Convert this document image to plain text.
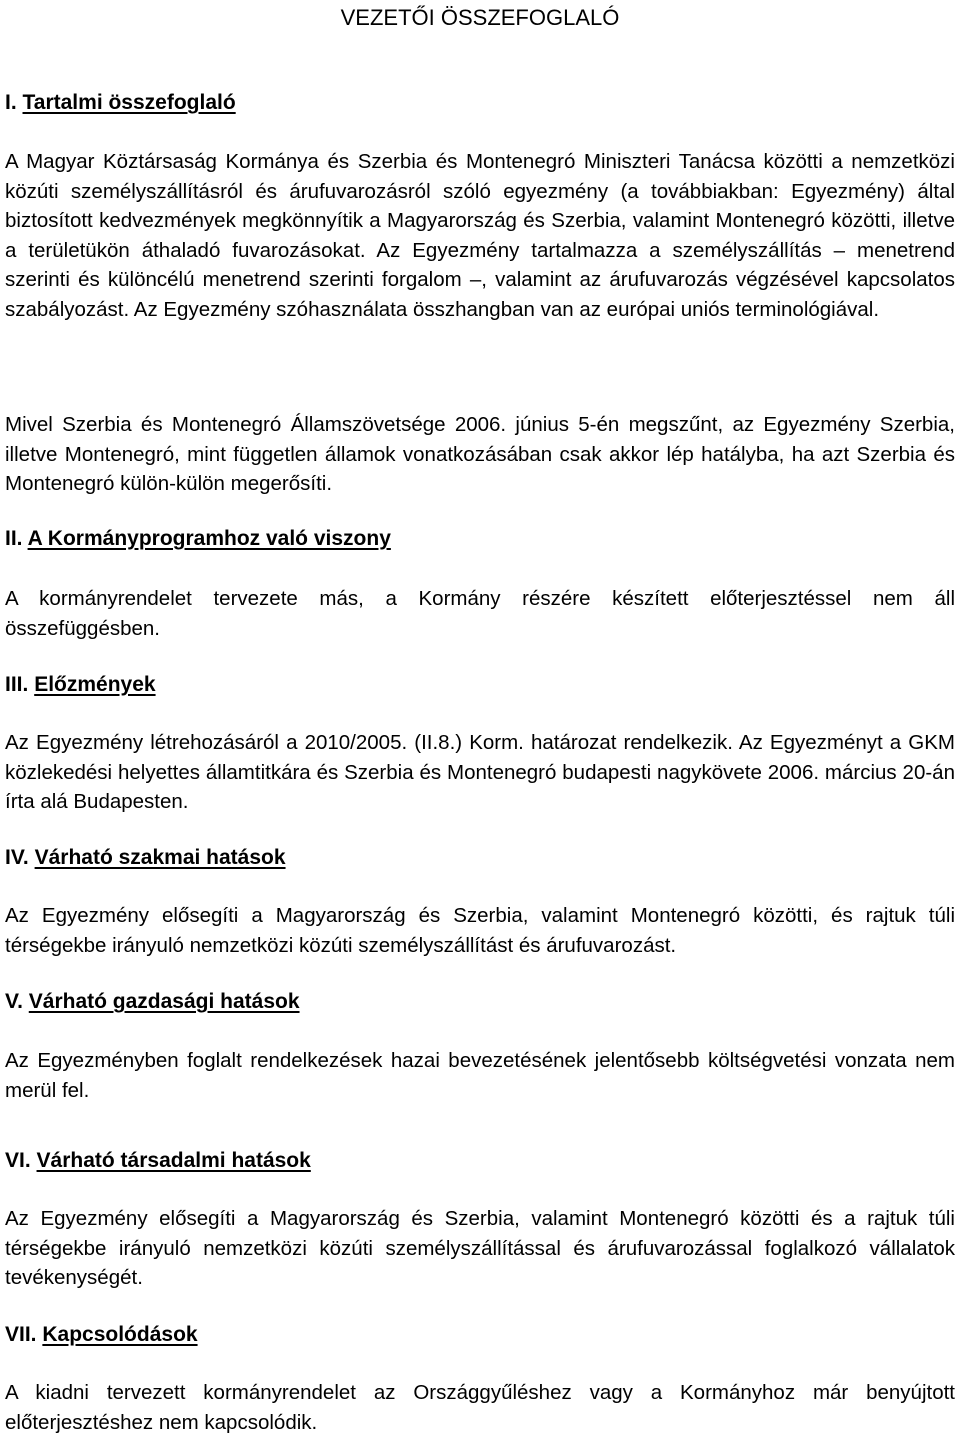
VEZETŐI ÖSSZEFOGLALÓ
I. Tartalmi összefoglaló

A Magyar Köztársaság Kormánya és Szerbia és Montenegró Miniszteri Tanácsa közötti a nemzetközi közúti személyszállításról és árufuvarozásról szóló egyezmény (a továbbiakban: Egyezmény) által biztosított kedvezmények megkönnyítik a Magyarország és Szerbia, valamint Montenegró közötti, illetve a területükön áthaladó fuvarozásokat. Az Egyezmény tartalmazza a személyszállítás – menetrend szerinti és különcélú menetrend szerinti forgalom –, valamint az árufuvarozás végzésével kapcsolatos szabályozást. Az Egyezmény szóhasználata összhangban van az európai uniós terminológiával.

Mivel Szerbia és Montenegró Államszövetsége 2006. június 5-én megszűnt, az Egyezmény Szerbia, illetve Montenegró, mint független államok vonatkozásában csak akkor lép hatályba, ha azt Szerbia és Montenegró külön-külön megerősíti.

II. A Kormányprogramhoz való viszony

A kormányrendelet tervezete más, a Kormány részére készített előterjesztéssel nem áll összefüggésben.

III. Előzmények

Az Egyezmény létrehozásáról a 2010/2005. (II.8.) Korm. határozat rendelkezik. Az Egyezményt a GKM közlekedési helyettes államtitkára és Szerbia és Montenegró budapesti nagykövete 2006. március 20-án írta alá Budapesten.

IV. Várható szakmai hatások

Az Egyezmény elősegíti a Magyarország és Szerbia, valamint Montenegró közötti, és rajtuk túli térségekbe irányuló nemzetközi közúti személyszállítást és árufuvarozást.

V. Várható gazdasági hatások

Az Egyezményben foglalt rendelkezések hazai bevezetésének jelentősebb költségvetési vonzata nem merül fel.

VI. Várható társadalmi hatások

Az Egyezmény elősegíti a Magyarország és Szerbia, valamint Montenegró közötti és a rajtuk túli térségekbe irányuló nemzetközi közúti személyszállítással és árufuvarozással foglalkozó vállalatok tevékenységét.

VII. Kapcsolódások

A kiadni tervezett kormányrendelet az Országgyűléshez vagy a Kormányhoz már benyújtott előterjesztéshez nem kapcsolódik.
